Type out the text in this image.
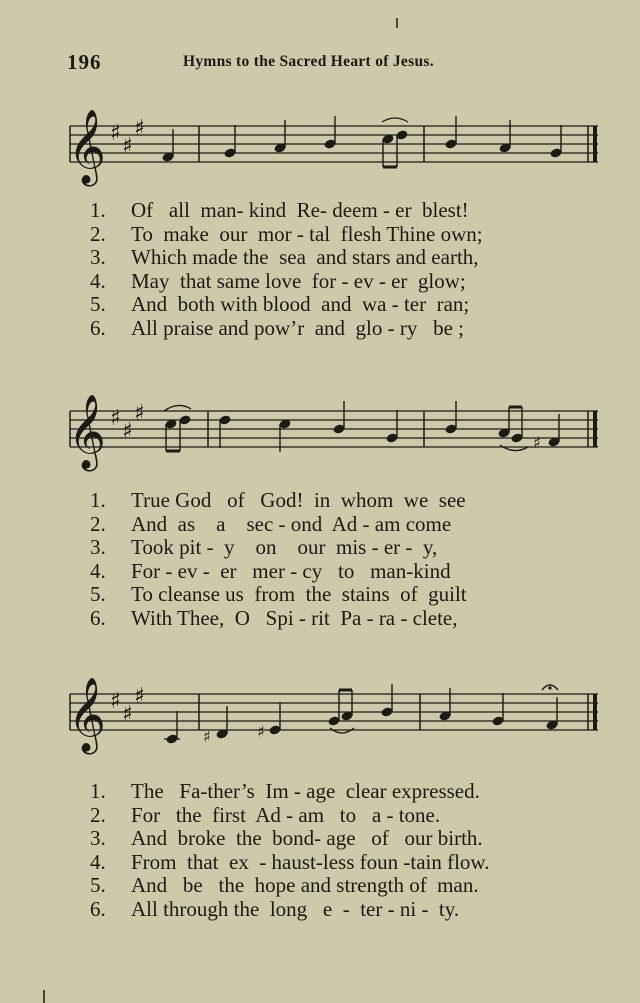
196	Hymns to the Sacred Heart of Jesus.
𝄞 ♯
♯
♯
1.	Of   all  man- kind  Re- deem - er  blest!
2.	To  make  our  mor - tal  flesh Thine own;
3.	Which made the  sea  and stars and earth,
4.	May  that same love  for - ev - er  glow;
5.	And  both with blood  and  wa - ter  ran;
6.	All praise and pow’r  and  glo - ry   be ;
𝄞 ♯
♯
♯
♯
1.	True God   of   God!  in  whom  we  see
2.	And  as    a    sec - ond  Ad - am come
3.	Took pit -  y    on    our  mis - er -  y,
4.	For - ev -  er   mer - cy   to   man-kind
5.	To cleanse us  from  the  stains  of  guilt
6.	With Thee,  O   Spi - rit  Pa - ra - clete,
𝄞 ♯
♯
♯
♯	♯
1.	The   Fa-ther’s  Im - age  clear expressed.
2.	For   the  first  Ad - am   to   a - tone.
3.	And  broke  the  bond- age   of   our birth.
4.	From  that  ex  - haust-less foun -tain flow.
5.	And   be   the  hope and strength of  man.
6.	All through the  long   e  -  ter - ni -  ty.
